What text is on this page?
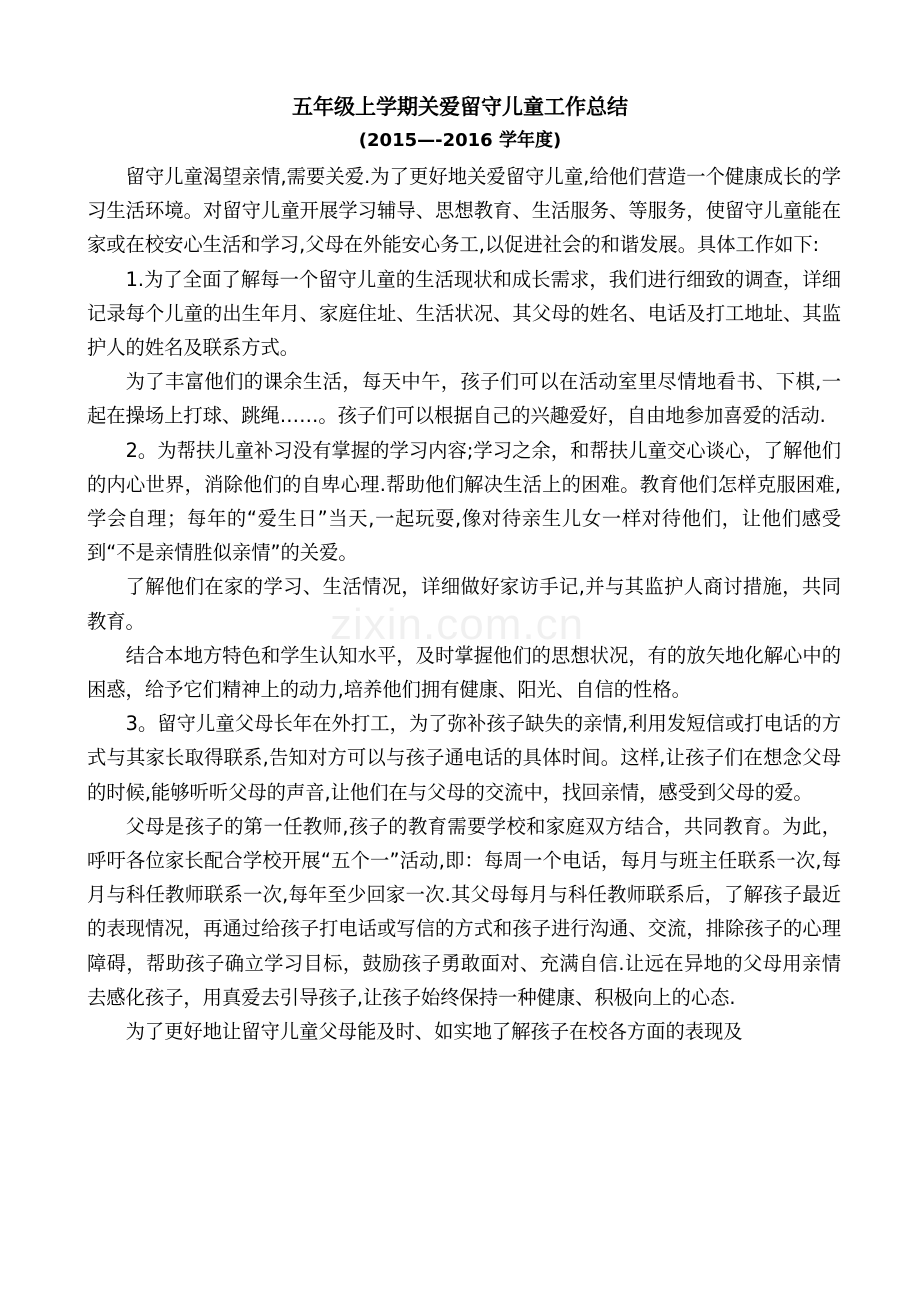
zixin.com.cn
五年级上学期关爱留守儿童工作总结
(2015—-2016 学年度)

留守儿童渴望亲情,需要关爱.为了更好地关爱留守儿童,给他们营造一个健康成长的学习生活环境。对留守儿童开展学习辅导、思想教育、生活服务、等服务，使留守儿童能在家或在校安心生活和学习,父母在外能安心务工,以促进社会的和谐发展。具体工作如下:

1.为了全面了解每一个留守儿童的生活现状和成长需求，我们进行细致的调查，详细记录每个儿童的出生年月、家庭住址、生活状况、其父母的姓名、电话及打工地址、其监护人的姓名及联系方式。

为了丰富他们的课余生活，每天中午，孩子们可以在活动室里尽情地看书、下棋,一起在操场上打球、跳绳……。孩子们可以根据自己的兴趣爱好，自由地参加喜爱的活动.

2。为帮扶儿童补习没有掌握的学习内容;学习之余，和帮扶儿童交心谈心，了解他们的内心世界，消除他们的自卑心理.帮助他们解决生活上的困难。教育他们怎样克服困难,学会自理；每年的“爱生日”当天,一起玩耍,像对待亲生儿女一样对待他们，让他们感受到“不是亲情胜似亲情”的关爱。

了解他们在家的学习、生活情况，详细做好家访手记,并与其监护人商讨措施，共同教育。

结合本地方特色和学生认知水平，及时掌握他们的思想状况，有的放矢地化解心中的困惑，给予它们精神上的动力,培养他们拥有健康、阳光、自信的性格。

3。留守儿童父母长年在外打工，为了弥补孩子缺失的亲情,利用发短信或打电话的方式与其家长取得联系,告知对方可以与孩子通电话的具体时间。这样,让孩子们在想念父母的时候,能够听听父母的声音,让他们在与父母的交流中，找回亲情，感受到父母的爱。

父母是孩子的第一任教师,孩子的教育需要学校和家庭双方结合，共同教育。为此，呼吁各位家长配合学校开展“五个一”活动,即：每周一个电话，每月与班主任联系一次,每月与科任教师联系一次,每年至少回家一次.其父母每月与科任教师联系后，了解孩子最近的表现情况，再通过给孩子打电话或写信的方式和孩子进行沟通、交流，排除孩子的心理障碍，帮助孩子确立学习目标，鼓励孩子勇敢面对、充满自信.让远在异地的父母用亲情去感化孩子，用真爱去引导孩子,让孩子始终保持一种健康、积极向上的心态.

为了更好地让留守儿童父母能及时、如实地了解孩子在校各方面的表现及
